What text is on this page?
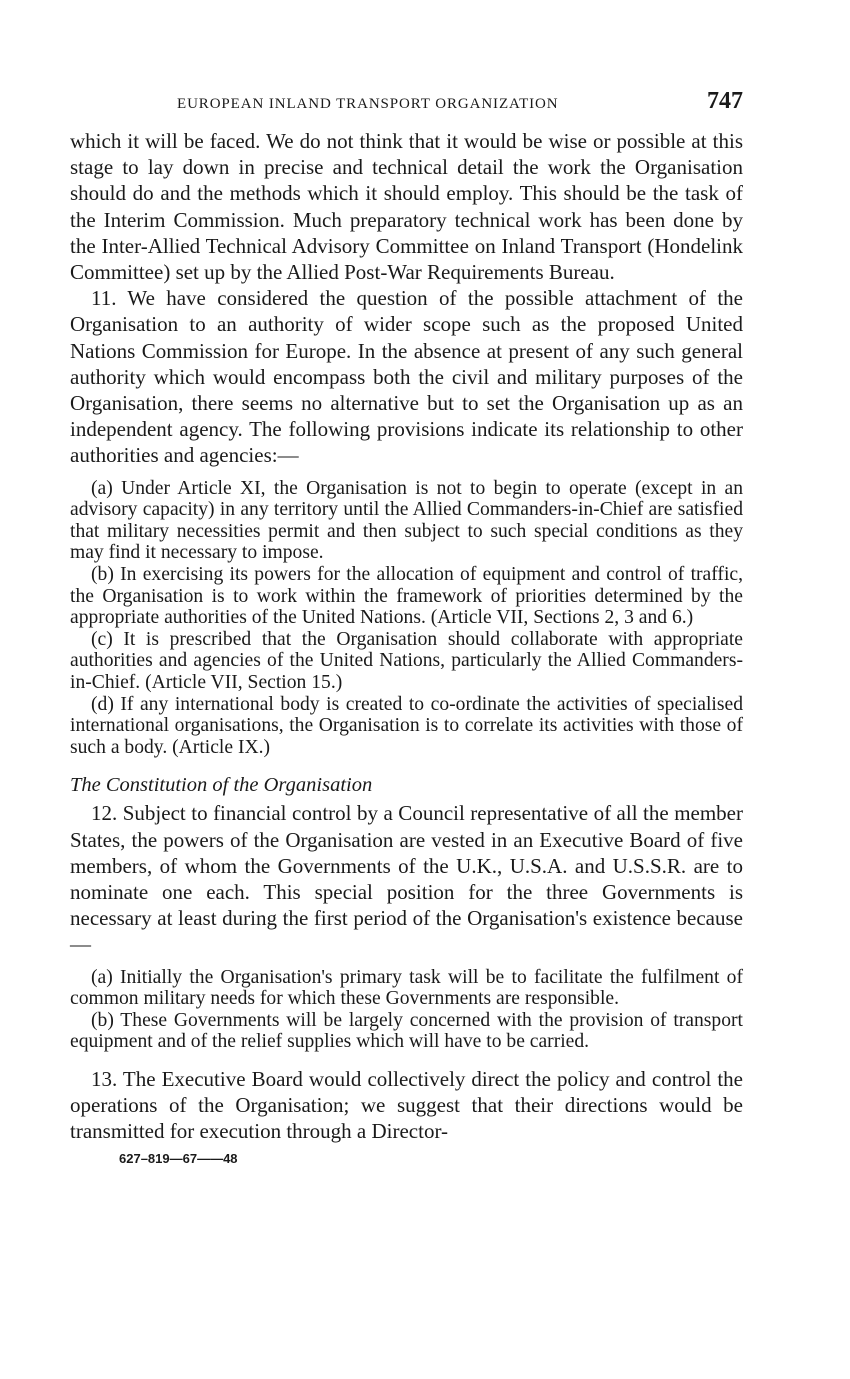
EUROPEAN INLAND TRANSPORT ORGANIZATION	747

which it will be faced. We do not think that it would be wise or possible at this stage to lay down in precise and technical detail the work the Organisation should do and the methods which it should employ. This should be the task of the Interim Commission. Much preparatory technical work has been done by the Inter-Allied Technical Advisory Committee on Inland Transport (Hondelink Committee) set up by the Allied Post-War Requirements Bureau.

11. We have considered the question of the possible attachment of the Organisation to an authority of wider scope such as the proposed United Nations Commission for Europe. In the absence at present of any such general authority which would encompass both the civil and military purposes of the Organisation, there seems no alternative but to set the Organisation up as an independent agency. The following provisions indicate its relationship to other authorities and agencies:—

(a) Under Article XI, the Organisation is not to begin to operate (except in an advisory capacity) in any territory until the Allied Commanders-in-Chief are satisfied that military necessities permit and then subject to such special conditions as they may find it necessary to impose.

(b) In exercising its powers for the allocation of equipment and control of traffic, the Organisation is to work within the framework of priorities determined by the appropriate authorities of the United Nations. (Article VII, Sections 2, 3 and 6.)

(c) It is prescribed that the Organisation should collaborate with appropriate authorities and agencies of the United Nations, particularly the Allied Commanders-in-Chief. (Article VII, Section 15.)

(d) If any international body is created to co-ordinate the activities of specialised international organisations, the Organisation is to correlate its activities with those of such a body. (Article IX.)

The Constitution of the Organisation

12. Subject to financial control by a Council representative of all the member States, the powers of the Organisation are vested in an Executive Board of five members, of whom the Governments of the U.K., U.S.A. and U.S.S.R. are to nominate one each. This special position for the three Governments is necessary at least during the first period of the Organisation's existence because—

(a) Initially the Organisation's primary task will be to facilitate the fulfilment of common military needs for which these Governments are responsible.

(b) These Governments will be largely concerned with the provision of transport equipment and of the relief supplies which will have to be carried.

13. The Executive Board would collectively direct the policy and control the operations of the Organisation; we suggest that their directions would be transmitted for execution through a Director-

627–819—67——48
